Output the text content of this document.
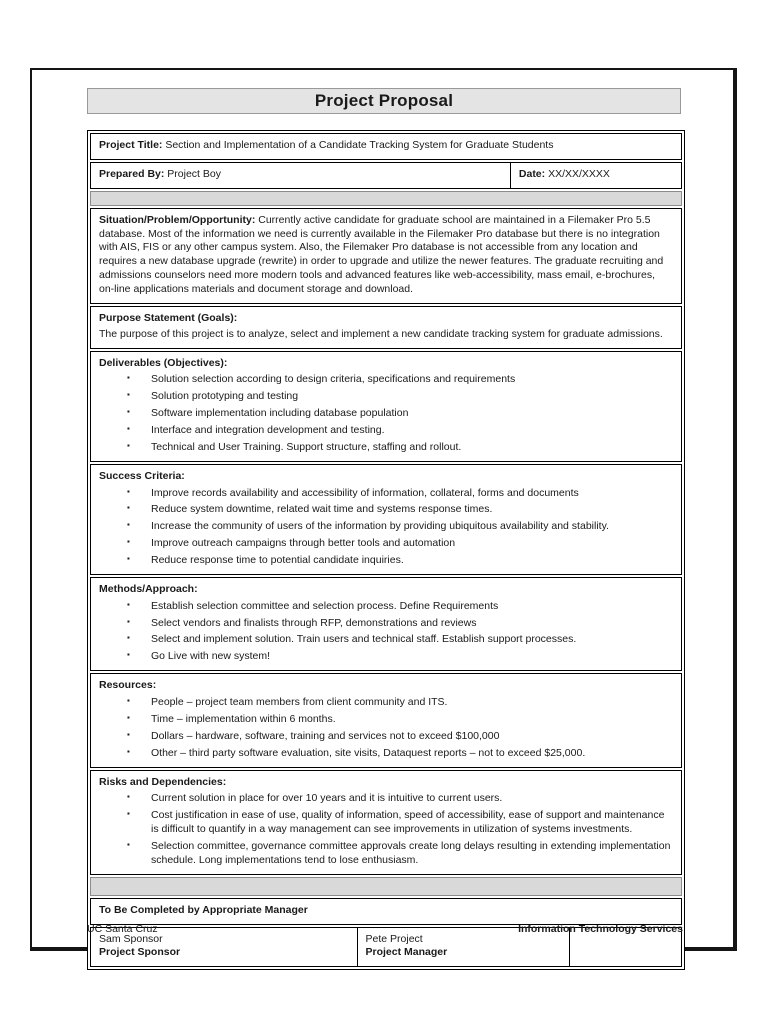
Project Proposal
Project Title: Section and Implementation of a Candidate Tracking System for Graduate Students
Prepared By: Project Boy	Date: XX/XX/XXXX
Situation/Problem/Opportunity: Currently active candidate for graduate school are maintained in a Filemaker Pro 5.5 database. Most of the information we need is currently available in the Filemaker Pro database but there is no integration with AIS, FIS or any other campus system. Also, the Filemaker Pro database is not accessible from any location and requires a new database upgrade (rewrite) in order to upgrade and utilize the newer features. The graduate recruiting and admissions counselors need more modern tools and advanced features like web-accessibility, mass email, e-brochures, on-line applications materials and document storage and download.
Purpose Statement (Goals):
The purpose of this project is to analyze, select and implement a new candidate tracking system for graduate admissions.
Deliverables (Objectives):
▪ Solution selection according to design criteria, specifications and requirements
▪ Solution prototyping and testing
▪ Software implementation including database population
▪ Interface and integration development and testing.
▪ Technical and User Training. Support structure, staffing and rollout.
Success Criteria:
▪ Improve records availability and accessibility of information, collateral, forms and documents
▪ Reduce system downtime, related wait time and systems response times.
▪ Increase the community of users of the information by providing ubiquitous availability and stability.
▪ Improve outreach campaigns through better tools and automation
▪ Reduce response time to potential candidate inquiries.
Methods/Approach:
▪ Establish selection committee and selection process. Define Requirements
▪ Select vendors and finalists through RFP, demonstrations and reviews
▪ Select and implement solution. Train users and technical staff. Establish support processes.
▪ Go Live with new system!
Resources:
▪ People – project team members from client community and ITS.
▪ Time – implementation within 6 months.
▪ Dollars – hardware, software, training and services not to exceed $100,000
▪ Other – third party software evaluation, site visits, Dataquest reports – not to exceed $25,000.
Risks and Dependencies:
▪ Current solution in place for over 10 years and it is intuitive to current users.
▪ Cost justification in ease of use, quality of information, speed of accessibility, ease of support and maintenance is difficult to quantify in a way management can see improvements in utilization of systems investments.
▪ Selection committee, governance committee approvals create long delays resulting in extending implementation schedule. Long implementations tend to lose enthusiasm.
To Be Completed by Appropriate Manager
Sam Sponsor
Project Sponsor
Pete Project
Project Manager
UC Santa Cruz	Information Technology Services
